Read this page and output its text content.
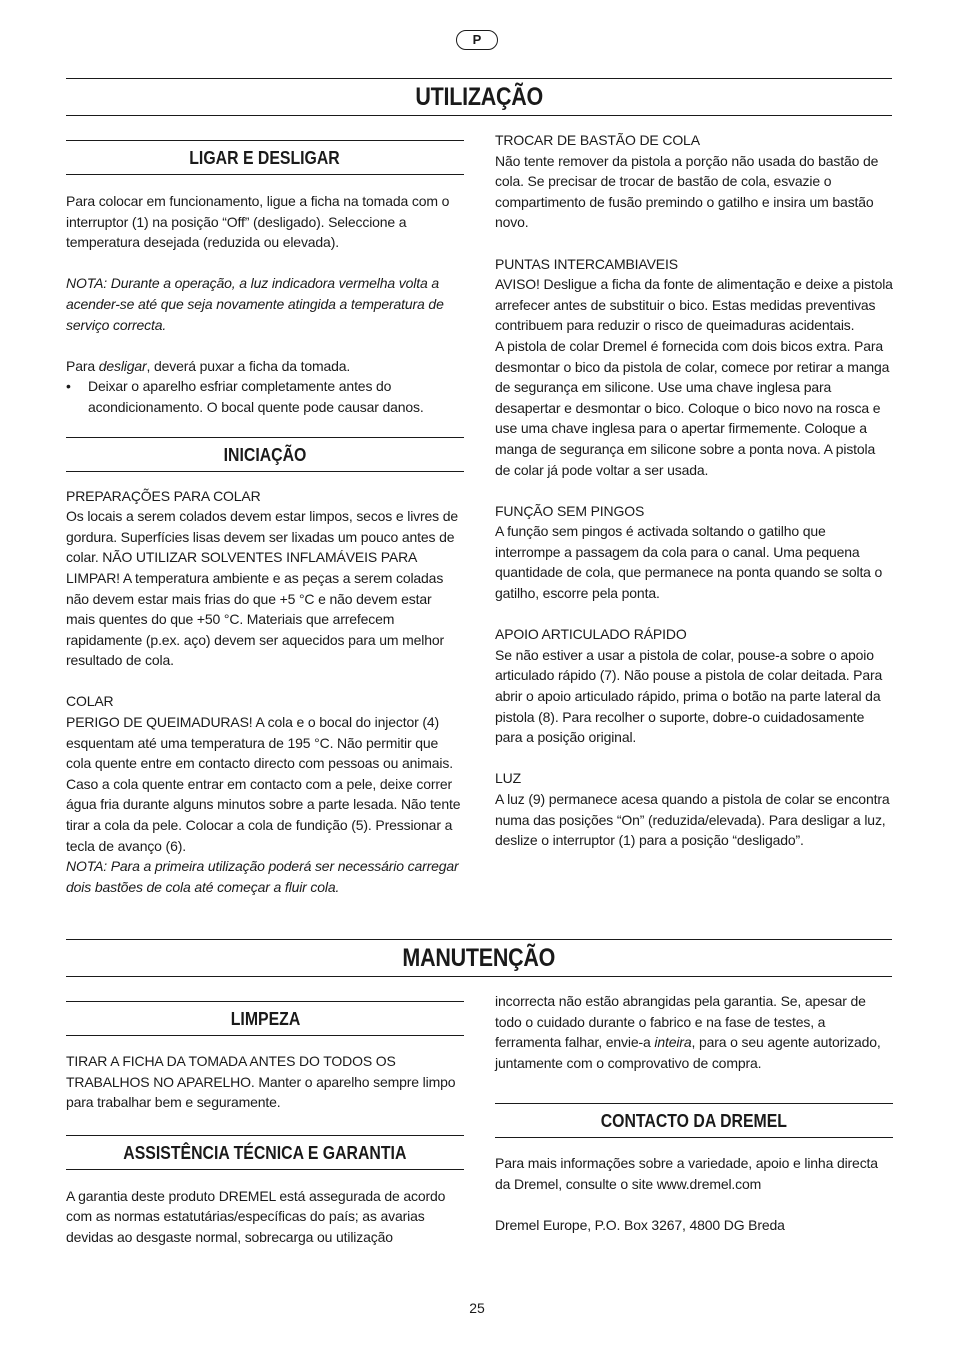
P
UTILIZAÇÃO
LIGAR E DESLIGAR

Para colocar em funcionamento, ligue a ficha na tomada com o interruptor (1) na posição “Off” (desligado). Seleccione a temperatura desejada (reduzida ou elevada).

NOTA: Durante a operação, a luz indicadora vermelha volta a acender-se até que seja novamente atingida a temperatura de serviço correcta.

Para desligar, deverá puxar a ficha da tomada.

• Deixar o aparelho esfriar completamente antes do acondicionamento. O bocal quente pode causar danos.
INICIAÇÃO

PREPARAÇÕES PARA COLAR

Os locais a serem colados devem estar limpos, secos e livres de gordura. Superfícies lisas devem ser lixadas um pouco antes de colar. NÃO UTILIZAR SOLVENTES INFLAMÁVEIS PARA LIMPAR! A temperatura ambiente e as peças a serem coladas não devem estar mais frias do que +5 °C e não devem estar mais quentes do que +50 °C. Materiais que arrefecem rapidamente (p.ex. aço) devem ser aquecidos para um melhor resultado de cola.

COLAR

PERIGO DE QUEIMADURAS! A cola e o bocal do injector (4) esquentam até uma temperatura de 195 °C. Não permitir que cola quente entre em contacto directo com pessoas ou animais. Caso a cola quente entrar em contacto com a pele, deixe correr água fria durante alguns minutos sobre a parte lesada. Não tente tirar a cola da pele. Colocar a cola de fundição (5). Pressionar a tecla de avanço (6).

NOTA: Para a primeira utilização poderá ser necessário carregar dois bastões de cola até começar a fluir cola.

TROCAR DE BASTÃO DE COLA

Não tente remover da pistola a porção não usada do bastão de cola. Se precisar de trocar de bastão de cola, esvazie o compartimento de fusão premindo o gatilho e insira um bastão novo.

PUNTAS INTERCAMBIAVEIS

AVISO! Desligue a ficha da fonte de alimentação e deixe a pistola arrefecer antes de substituir o bico. Estas medidas preventivas contribuem para reduzir o risco de queimaduras acidentais.

A pistola de colar Dremel é fornecida com dois bicos extra. Para desmontar o bico da pistola de colar, comece por retirar a manga de segurança em silicone. Use uma chave inglesa para desapertar e desmontar o bico. Coloque o bico novo na rosca e use uma chave inglesa para o apertar firmemente. Coloque a manga de segurança em silicone sobre a ponta nova. A pistola de colar já pode voltar a ser usada.

FUNÇÃO SEM PINGOS

A função sem pingos é activada soltando o gatilho que interrompe a passagem da cola para o canal. Uma pequena quantidade de cola, que permanece na ponta quando se solta o gatilho, escorre pela ponta.

APOIO ARTICULADO RÁPIDO

Se não estiver a usar a pistola de colar, pouse-a sobre o apoio articulado rápido (7). Não pouse a pistola de colar deitada. Para abrir o apoio articulado rápido, prima o botão na parte lateral da pistola (8). Para recolher o suporte, dobre-o cuidadosamente para a posição original.

LUZ

A luz (9) permanece acesa quando a pistola de colar se encontra numa das posições “On” (reduzida/elevada). Para desligar a luz, deslize o interruptor (1) para a posição “desligado”.

MANUTENÇÃO
LIMPEZA

TIRAR A FICHA DA TOMADA ANTES DO TODOS OS TRABALHOS NO APARELHO. Manter o aparelho sempre limpo para trabalhar bem e seguramente.

ASSISTÊNCIA TÉCNICA E GARANTIA

A garantia deste produto DREMEL está assegurada de acordo com as normas estatutárias/específicas do país; as avarias devidas ao desgaste normal, sobrecarga ou utilização

incorrecta não estão abrangidas pela garantia. Se, apesar de todo o cuidado durante o fabrico e na fase de testes, a ferramenta falhar, envie-a inteira, para o seu agente autorizado, juntamente com o comprovativo de compra.

CONTACTO DA DREMEL

Para mais informações sobre a variedade, apoio e linha directa da Dremel, consulte o site www.dremel.com

Dremel Europe, P.O. Box 3267, 4800 DG Breda

25
